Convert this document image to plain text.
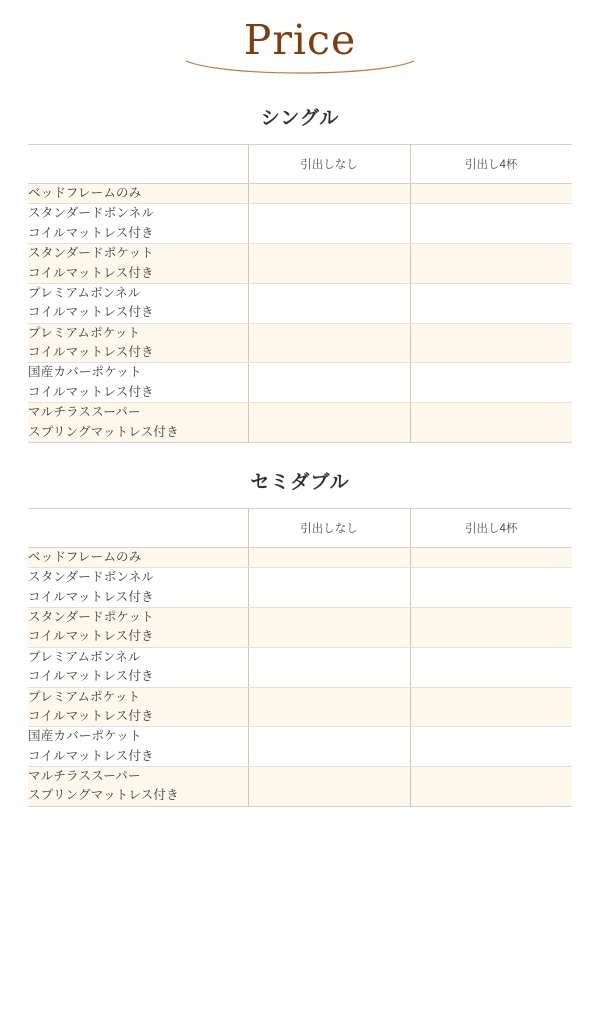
Price
シングル
	引出しなし	引出し4杯

ベッドフレームのみ		

スタンダードボンネル
コイルマットレス付き		

スタンダードポケット
コイルマットレス付き		

プレミアムボンネル
コイルマットレス付き		

プレミアムポケット
コイルマットレス付き		

国産カバーポケット
コイルマットレス付き		

マルチラススーパー
スプリングマットレス付き		

セミダブル
	引出しなし	引出し4杯

ベッドフレームのみ		

スタンダードボンネル
コイルマットレス付き		

スタンダードポケット
コイルマットレス付き		

プレミアムボンネル
コイルマットレス付き		

プレミアムポケット
コイルマットレス付き		

国産カバーポケット
コイルマットレス付き		

マルチラススーパー
スプリングマットレス付き		
